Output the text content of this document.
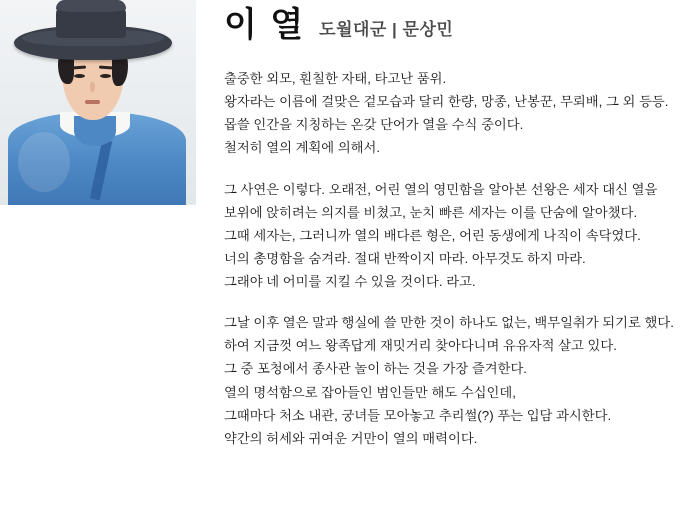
이 열 도월대군 | 문상민
출중한 외모, 훤칠한 자태, 타고난 품위.
왕자라는 이름에 걸맞은 겉모습과 달리 한량, 망종, 난봉꾼, 무뢰배, 그 외 등등.
몹쓸 인간을 지칭하는 온갖 단어가 열을 수식 중이다.
철저히 열의 계획에 의해서.
그 사연은 이렇다. 오래전, 어린 열의 영민함을 알아본 선왕은 세자 대신 열을
보위에 앉히려는 의지를 비쳤고, 눈치 빠른 세자는 이를 단숨에 알아챘다.
그때 세자는, 그러니까 열의 배다른 형은, 어린 동생에게 나직이 속닥였다.
너의 총명함을 숨겨라. 절대 반짝이지 마라. 아무것도 하지 마라.
그래야 네 어미를 지킬 수 있을 것이다. 라고.
그날 이후 열은 말과 행실에 쓸 만한 것이 하나도 없는, 백무일취가 되기로 했다.
하여 지금껏 여느 왕족답게 재밋거리 찾아다니며 유유자적 살고 있다.
그 중 포청에서 종사관 놀이 하는 것을 가장 즐겨한다.
열의 명석함으로 잡아들인 범인들만 해도 수십인데,
그때마다 처소 내관, 궁녀들 모아놓고 추리썰(?) 푸는 입담 과시한다.
약간의 허세와 귀여운 거만이 열의 매력이다.
